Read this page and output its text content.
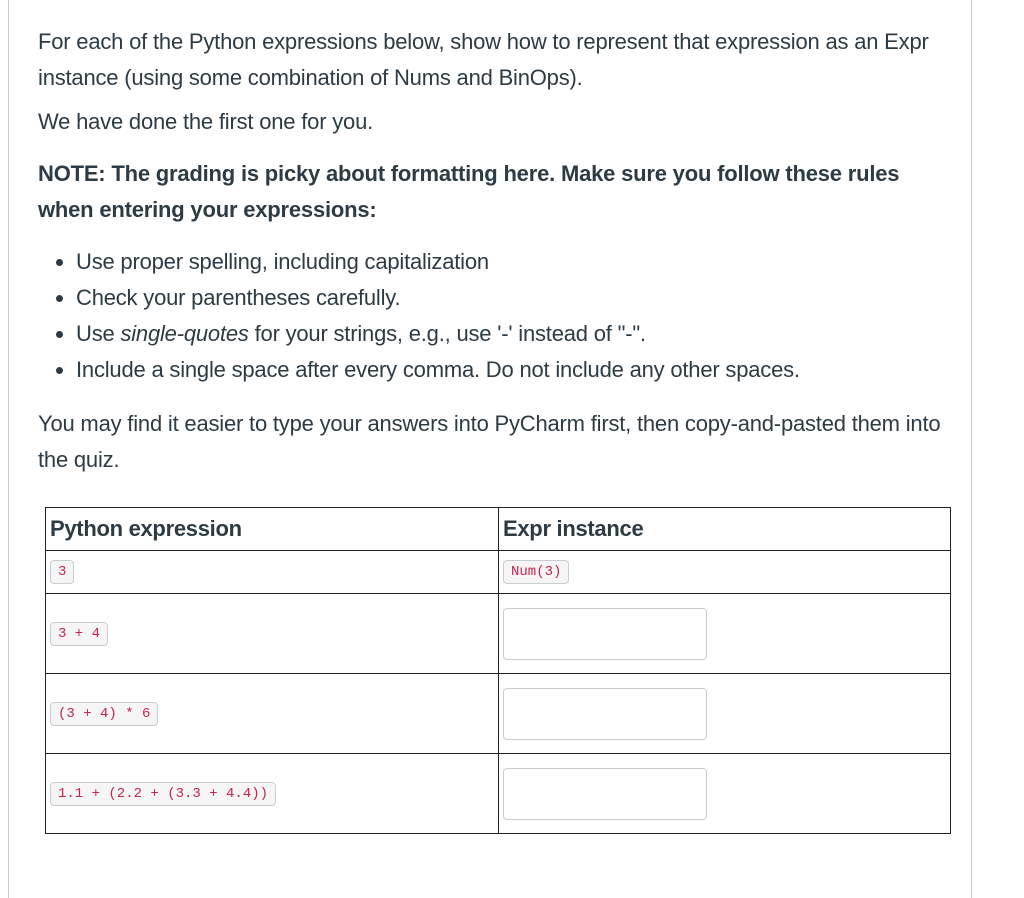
For each of the Python expressions below, show how to represent that expression as an Expr instance (using some combination of Nums and BinOps).

We have done the first one for you.

NOTE: The grading is picky about formatting here. Make sure you follow these rules when entering your expressions:

• Use proper spelling, including capitalization
• Check your parentheses carefully.
• Use single-quotes for your strings, e.g., use '-' instead of "-".
• Include a single space after every comma. Do not include any other spaces.

You may find it easier to type your answers into PyCharm first, then copy-and-pasted them into the quiz.

Python expression	Expr instance
3	Num(3)
3 + 4	

(3 + 4) * 6	

1.1 + (2.2 + (3.3 + 4.4))	
